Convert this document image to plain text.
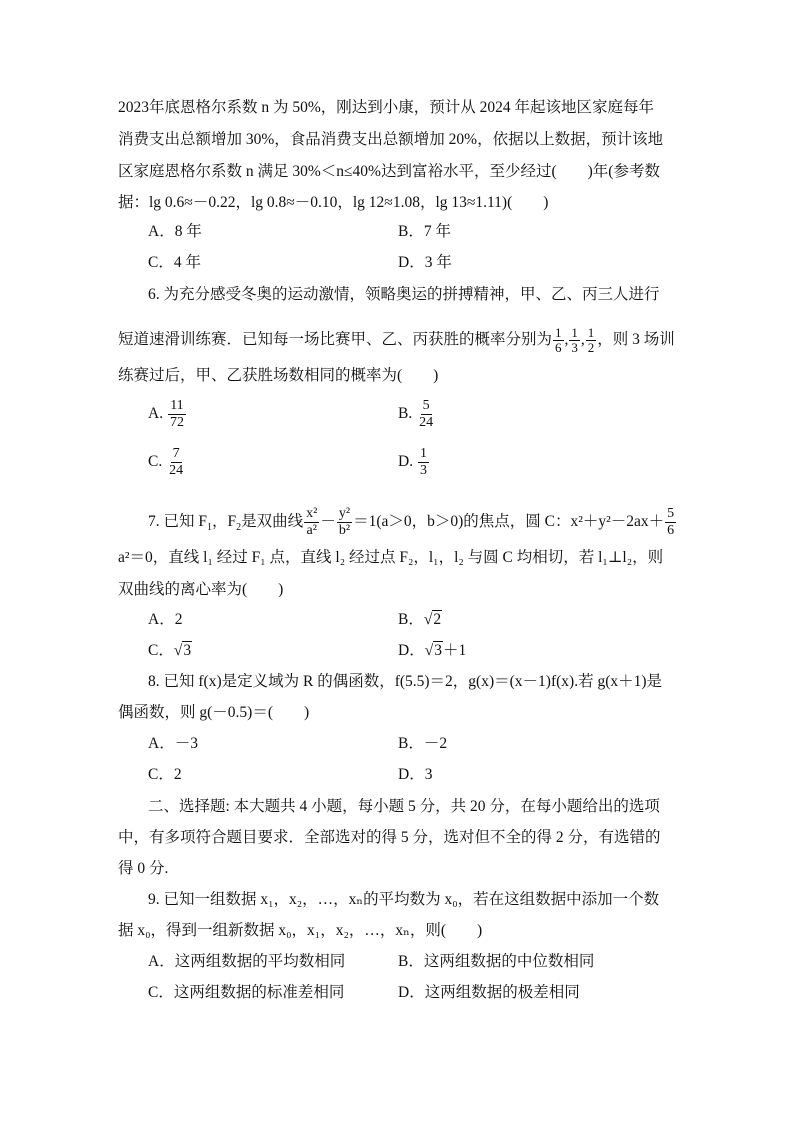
2023年底恩格尔系数 n 为 50%，刚达到小康，预计从 2024 年起该地区家庭每年
消费支出总额增加 30%，食品消费支出总额增加 20%，依据以上数据，预计该地
区家庭恩格尔系数 n 满足 30%＜n≤40%达到富裕水平，至少经过(　　)年(参考数
据：lg 0.6≈－0.22，lg 0.8≈－0.10，lg 12≈1.08，lg 13≈1.11)(　　)
A．8 年	B．7 年
C．4 年	D．3 年
6. 为充分感受冬奥的运动激情，领略奥运的拼搏精神，甲、乙、丙三人进行
短道速滑训练赛．已知每一场比赛甲、乙、丙获胜的概率分别为 $\frac{1}{6}$ , $\frac{1}{3}$ , $\frac{1}{2}$ ，则 3 场训
练赛过后，甲、乙获胜场数相同的概率为(　　)
A. $\frac{11}{72}$	B. $\frac{5}{24}$
C. $\frac{7}{24}$	D. $\frac{1}{3}$
7. 已知 $F_1$，$F_2$是双曲线 $\frac{\text{x²}}{\text{a²}} - \frac{\text{y²}}{\text{b²}} =1(a>0$，b＞0)的焦点，圆 C：$x^2+y^2-2ax+ \frac{5}{6}$
a²＝0，直线 l₁ 经过 F₁ 点，直线 l₂ 经过点 F₂，l₁，l₂ 与圆 C 均相切，若 l₁⊥l₂，则
双曲线的离心率为(　　)
A．2	B．√2
C．√3	D．√3＋1
8. 已知 f(x)是定义域为 R 的偶函数，f(5.5)＝2，g(x)＝(x－1)f(x).若 g(x＋1)是
偶函数，则 g(－0.5)＝(　　)
A．－3	B．－2
C．2	D．3
二、选择题: 本大题共 4 小题，每小题 5 分，共 20 分，在每小题给出的选项
中，有多项符合题目要求．全部选对的得 5 分，选对但不全的得 2 分，有选错的
得 0 分.
9. 已知一组数据 x₁，x₂，…，xₙ的平均数为 x₀，若在这组数据中添加一个数
据 x₀，得到一组新数据 x₀，x₁，x₂，…，xₙ，则(　　)
A．这两组数据的平均数相同	B．这两组数据的中位数相同
C．这两组数据的标准差相同	D．这两组数据的极差相同
